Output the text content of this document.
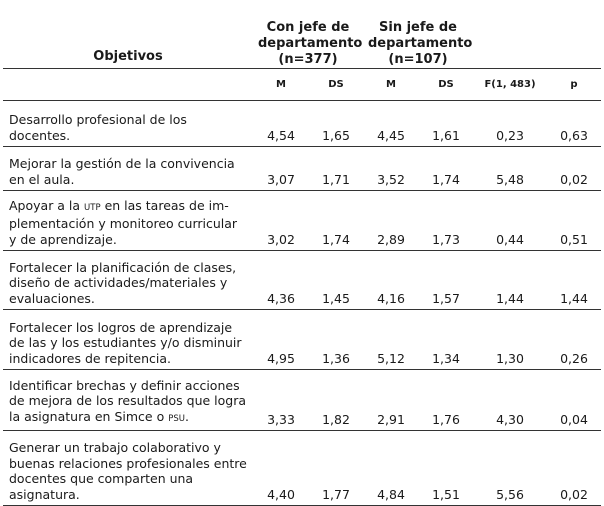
Objetivos	Con jefe de departamento (n=377)		Sin jefe de departamento (n=107)			
	M	DS	M	DS	F(1, 483)	p
Desarrollo profesional de los docentes.	4,54	1,65	4,45	1,61	0,23	0,63
Mejorar la gestión de la convivencia en el aula.	3,07	1,71	3,52	1,74	5,48	0,02
Apoyar a la UTP en las tareas de implementación y monitoreo curricular y de aprendizaje.	3,02	1,74	2,89	1,73	0,44	0,51
Fortalecer la planificación de clases, diseño de actividades/materiales y evaluaciones.	4,36	1,45	4,16	1,57	1,44	1,44
Fortalecer los logros de aprendizaje de las y los estudiantes y/o disminuir indicadores de repitencia.	4,95	1,36	5,12	1,34	1,30	0,26
Identificar brechas y definir acciones de mejora de los resultados que logra la asignatura en Simce o PSU.	3,33	1,82	2,91	1,76	4,30	0,04
Generar un trabajo colaborativo y buenas relaciones profesionales entre docentes que comparten una asignatura.	4,40	1,77	4,84	1,51	5,56	0,02
